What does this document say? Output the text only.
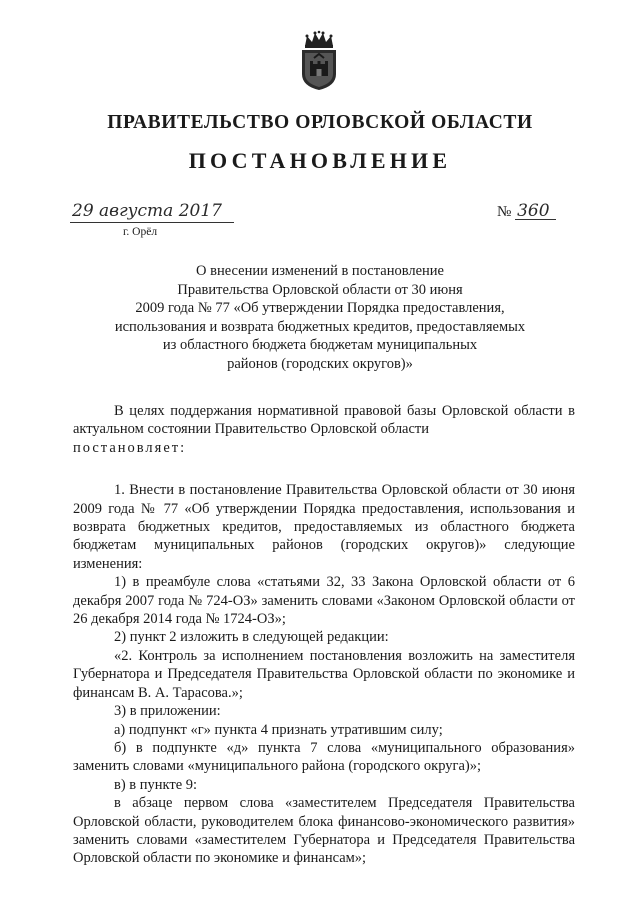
ПРАВИТЕЛЬСТВО ОРЛОВСКОЙ ОБЛАСТИ
ПОСТАНОВЛЕНИЕ
29 августа 2017
г. Орёл
№ 360
О внесении изменений в постановление
Правительства Орловской области от 30 июня
2009 года № 77 «Об утверждении Порядка предоставления,
использования и возврата бюджетных кредитов, предоставляемых
из областного бюджета бюджетам муниципальных
районов (городских округов)»

В целях поддержания нормативной правовой базы Орловской области в актуальном состоянии Правительство Орловской области
постановляет:

1. Внести в постановление Правительства Орловской области от 30 июня 2009 года № 77 «Об утверждении Порядка предоставления, использования и возврата бюджетных кредитов, предоставляемых из областного бюджета бюджетам муниципальных районов (городских округов)» следующие изменения:

1) в преамбуле слова «статьями 32, 33 Закона Орловской области от 6 декабря 2007 года № 724-ОЗ» заменить словами «Законом Орловской области от 26 декабря 2014 года № 1724-ОЗ»;

2) пункт 2 изложить в следующей редакции:

«2. Контроль за исполнением постановления возложить на заместителя Губернатора и Председателя Правительства Орловской области по экономике и финансам В. А. Тарасова.»;

3) в приложении:

а) подпункт «г» пункта 4 признать утратившим силу;

б) в подпункте «д» пункта 7 слова «муниципального образования» заменить словами «муниципального района (городского округа)»;

в) в пункте 9:

в абзаце первом слова «заместителем Председателя Правительства Орловской области, руководителем блока финансово-экономического развития» заменить словами «заместителем Губернатора и Председателя Правительства Орловской области по экономике и финансам»;
